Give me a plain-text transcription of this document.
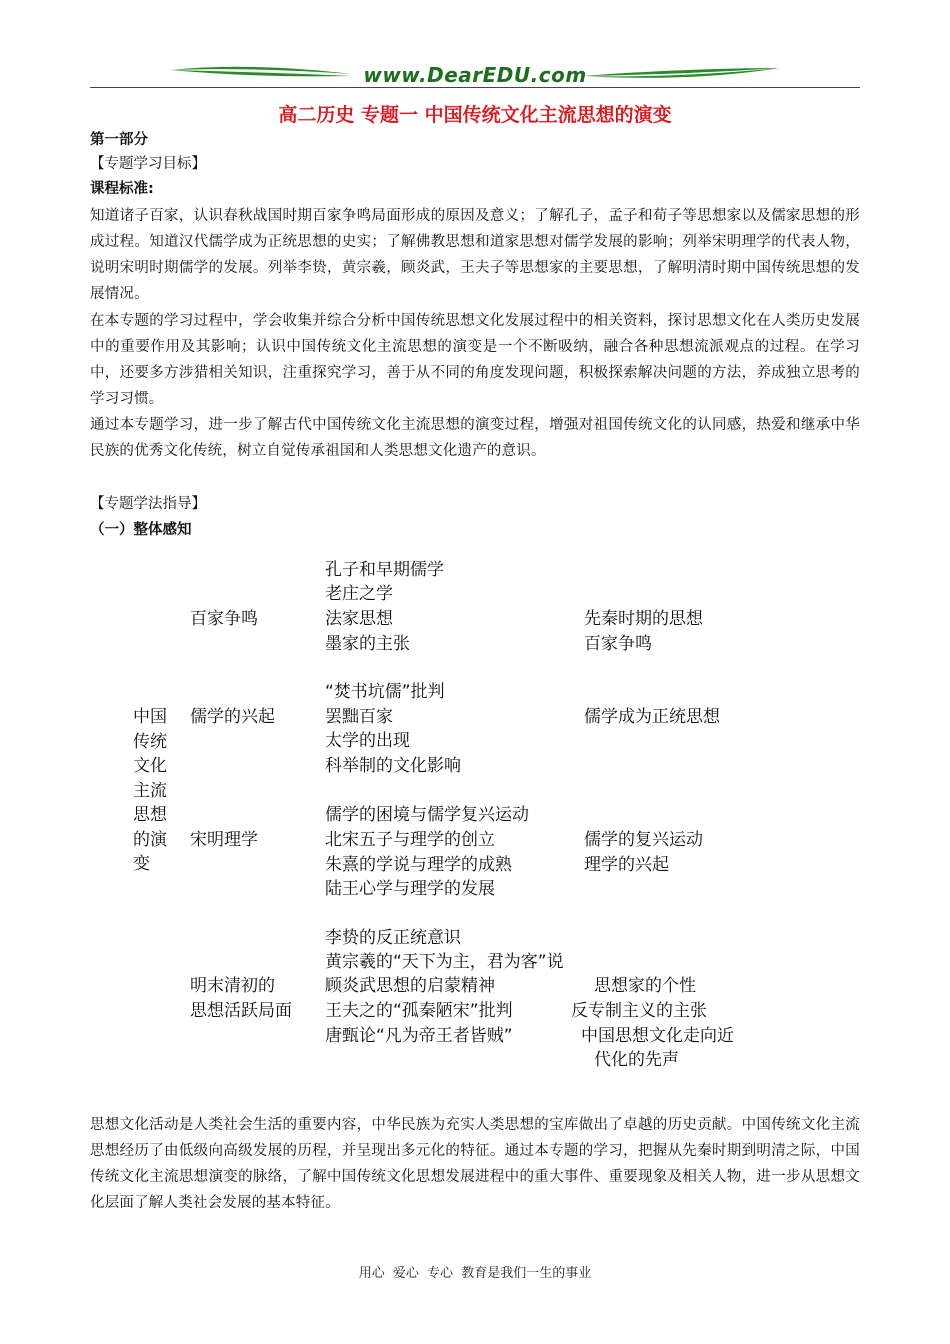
www.DearEDU.com
高二历史 专题一 中国传统文化主流思想的演变
第一部分
【专题学习目标】
课程标准:
知道诸子百家，认识春秋战国时期百家争鸣局面形成的原因及意义；了解孔子，孟子和荀子等思想家以及儒家思想的形成过程。知道汉代儒学成为正统思想的史实；了解佛教思想和道家思想对儒学发展的影响；列举宋明理学的代表人物，说明宋明时期儒学的发展。列举李贽，黄宗羲，顾炎武，王夫子等思想家的主要思想，了解明清时期中国传统思想的发展情况。
在本专题的学习过程中，学会收集并综合分析中国传统思想文化发展过程中的相关资料，探讨思想文化在人类历史发展中的重要作用及其影响；认识中国传统文化主流思想的演变是一个不断吸纳，融合各种思想流派观点的过程。在学习中，还要多方涉猎相关知识，注重探究学习，善于从不同的角度发现问题，积极探索解决问题的方法，养成独立思考的学习习惯。
通过本专题学习，进一步了解古代中国传统文化主流思想的演变过程，增强对祖国传统文化的认同感，热爱和继承中华民族的优秀文化传统，树立自觉传承祖国和人类思想文化遗产的意识。
【专题学法指导】
（一）整体感知
中国传统文化主流思想的演变
百家争鸣
孔子和早期儒学
老庄之学
法家思想
墨家的主张
先秦时期的思想
百家争鸣
儒学的兴起
“焚书坑儒”批判
罢黜百家
太学的出现
科举制的文化影响
儒学成为正统思想
宋明理学
儒学的困境与儒学复兴运动
北宋五子与理学的创立
朱熹的学说与理学的成熟
陆王心学与理学的发展
儒学的复兴运动
理学的兴起
明末清初的
思想活跃局面
李贽的反正统意识
黄宗羲的“天下为主，君为客”说
顾炎武思想的启蒙精神
王夫之的“孤秦陋宋”批判
唐甄论“凡为帝王者皆贼”
思想家的个性
反专制主义的主张
中国思想文化走向近
代化的先声
思想文化活动是人类社会生活的重要内容，中华民族为充实人类思想的宝库做出了卓越的历史贡献。中国传统文化主流思想经历了由低级向高级发展的历程，并呈现出多元化的特征。通过本专题的学习，把握从先秦时期到明清之际，中国传统文化主流思想演变的脉络，了解中国传统文化思想发展进程中的重大事件、重要现象及相关人物，进一步从思想文化层面了解人类社会发展的基本特征。
用心 爱心 专心 教育是我们一生的事业
